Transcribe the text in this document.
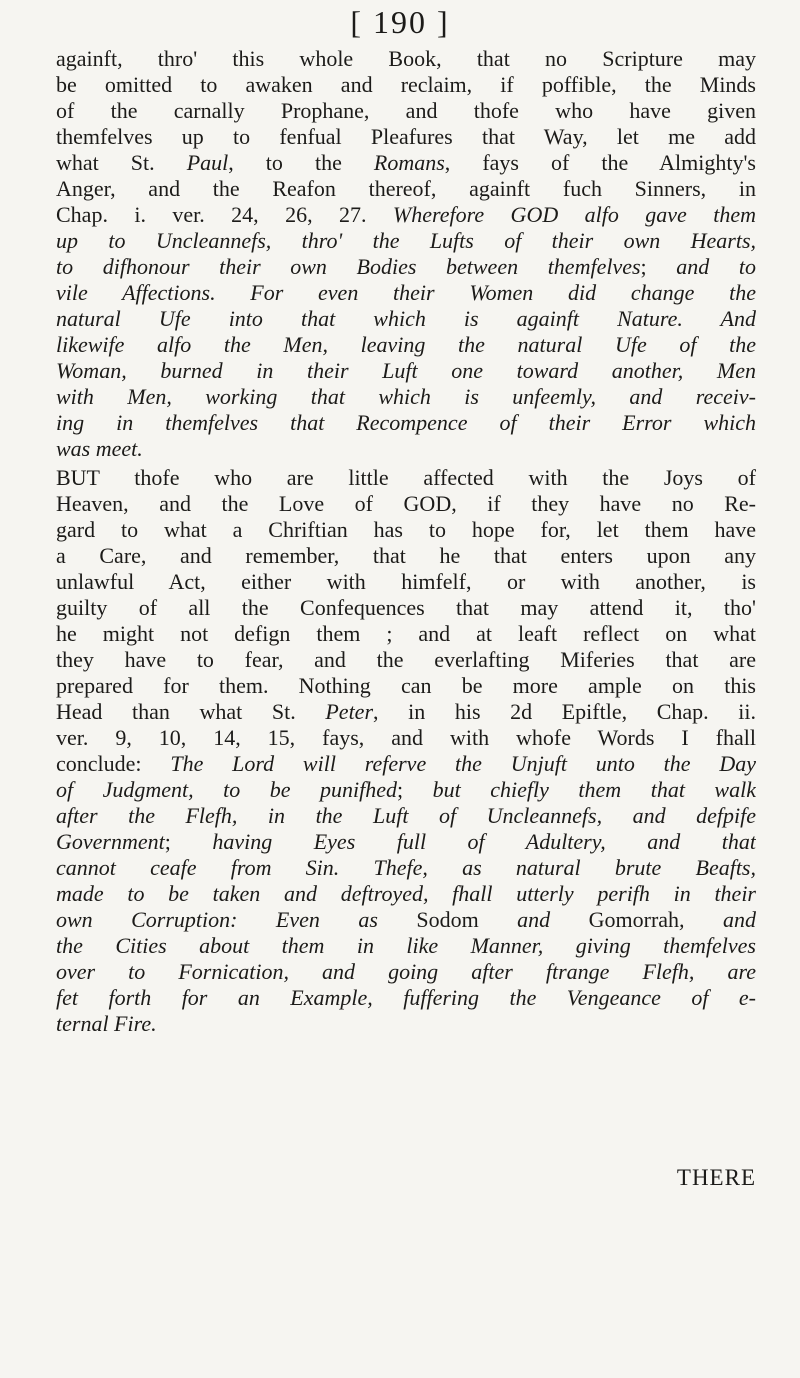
[ 190 ]
againft, thro' this whole Book, that no Scripture may
be omitted to awaken and reclaim, if poffible, the Minds
of the carnally Prophane, and thofe who have given
themfelves up to fenfual Pleafures that Way, let me add
what St. Paul, to the Romans, fays of the Almighty's
Anger, and the Reafon thereof, againft fuch Sinners, in
Chap. i. ver. 24, 26, 27. Wherefore GOD alfo gave them
up to Uncleannefs, thro' the Lufts of their own Hearts,
to difhonour their own Bodies between themfelves; and to
vile Affections. For even their Women did change the
natural Ufe into that which is againft Nature. And
likewife alfo the Men, leaving the natural Ufe of the
Woman, burned in their Luft one toward another, Men
with Men, working that which is unfeemly, and receiv-
ing in themfelves that Recompence of their Error which
was meet.
BUT thofe who are little affected with the Joys of
Heaven, and the Love of GOD, if they have no Re-
gard to what a Chriftian has to hope for, let them have
a Care, and remember, that he that enters upon any
unlawful Act, either with himfelf, or with another, is
guilty of all the Confequences that may attend it, tho'
he might not defign them ; and at leaft reflect on what
they have to fear, and the everlafting Miferies that are
prepared for them. Nothing can be more ample on this
Head than what St. Peter, in his 2d Epiftle, Chap. ii.
ver. 9, 10, 14, 15, fays, and with whofe Words I fhall
conclude: The Lord will referve the Unjuft unto the Day
of Judgment, to be punifhed; but chiefly them that walk
after the Flefh, in the Luft of Uncleannefs, and defpife
Government; having Eyes full of Adultery, and that
cannot ceafe from Sin. Thefe, as natural brute Beafts,
made to be taken and deftroyed, fhall utterly perifh in their
own Corruption: Even as Sodom and Gomorrah, and
the Cities about them in like Manner, giving themfelves
over to Fornication, and going after ftrange Flefh, are
fet forth for an Example, fuffering the Vengeance of e-
ternal Fire.
THERE
